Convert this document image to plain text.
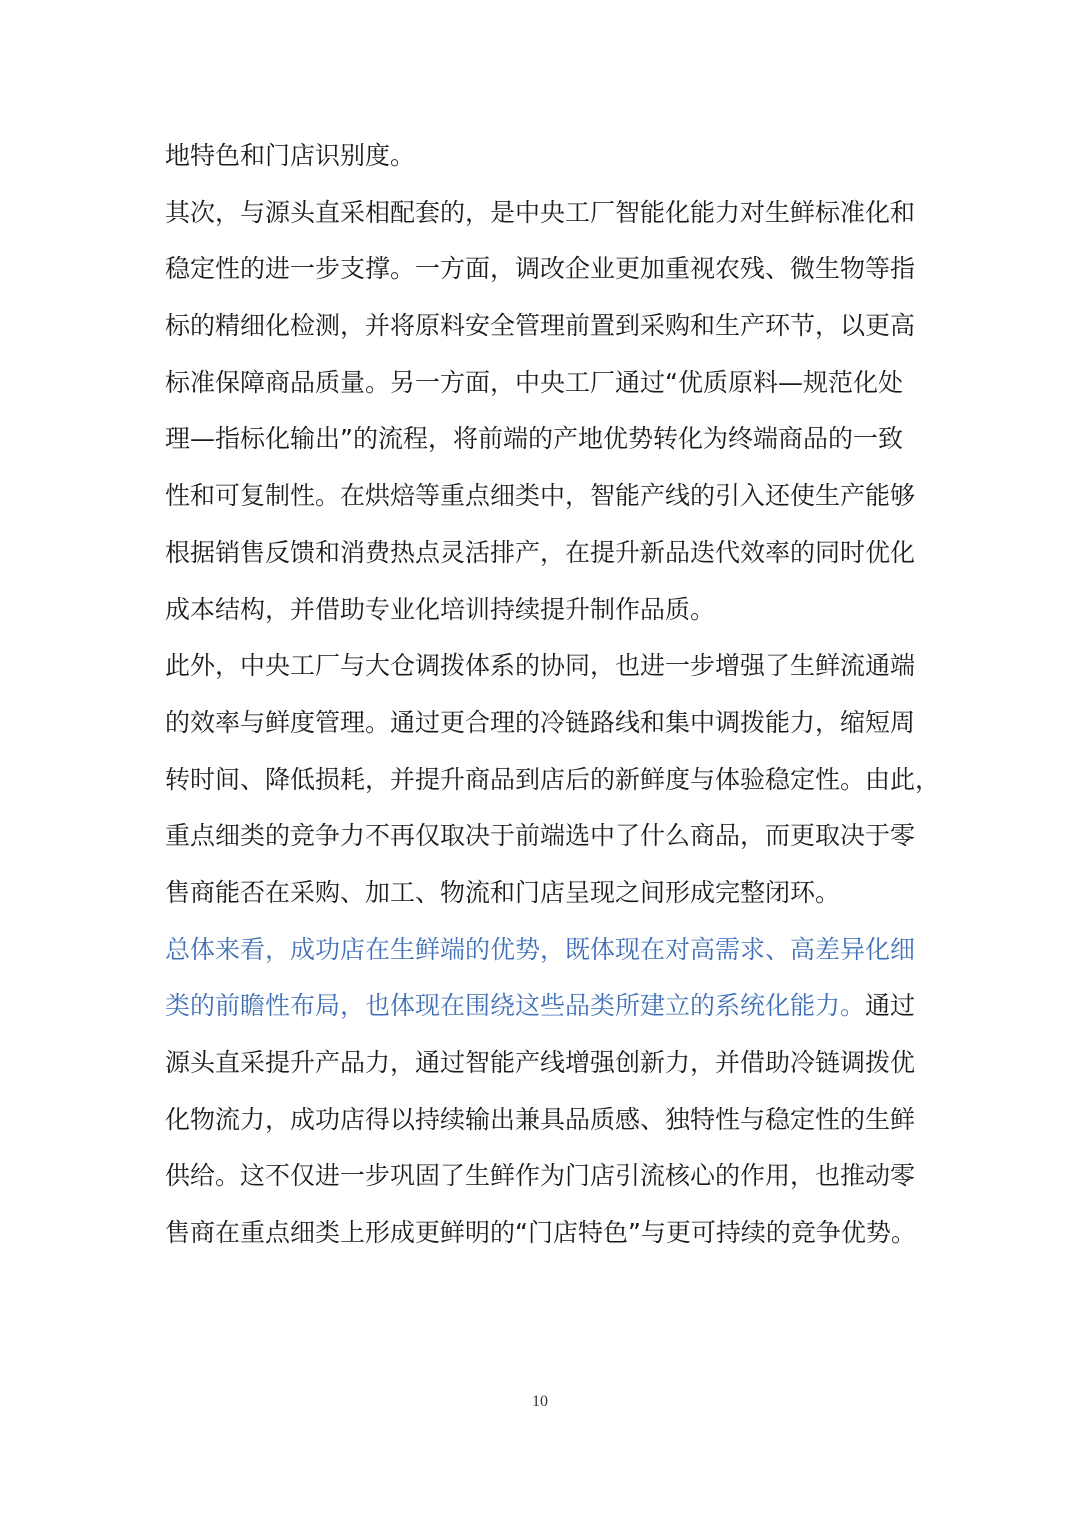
地特色和门店识别度。
其次，与源头直采相配套的，是中央工厂智能化能力对生鲜标准化和
稳定性的进一步支撑。一方面，调改企业更加重视农残、微生物等指
标的精细化检测，并将原料安全管理前置到采购和生产环节，以更高
标准保障商品质量。另一方面，中央工厂通过“优质原料—规范化处
理—指标化输出”的流程，将前端的产地优势转化为终端商品的一致
性和可复制性。在烘焙等重点细类中，智能产线的引入还使生产能够
根据销售反馈和消费热点灵活排产，在提升新品迭代效率的同时优化
成本结构，并借助专业化培训持续提升制作品质。
此外，中央工厂与大仓调拨体系的协同，也进一步增强了生鲜流通端
的效率与鲜度管理。通过更合理的冷链路线和集中调拨能力，缩短周
转时间、降低损耗，并提升商品到店后的新鲜度与体验稳定性。由此，
重点细类的竞争力不再仅取决于前端选中了什么商品，而更取决于零
售商能否在采购、加工、物流和门店呈现之间形成完整闭环。
总体来看，成功店在生鲜端的优势，既体现在对高需求、高差异化细
类的前瞻性布局，也体现在围绕这些品类所建立的系统化能力。通过
源头直采提升产品力，通过智能产线增强创新力，并借助冷链调拨优
化物流力，成功店得以持续输出兼具品质感、独特性与稳定性的生鲜
供给。这不仅进一步巩固了生鲜作为门店引流核心的作用，也推动零
售商在重点细类上形成更鲜明的“门店特色”与更可持续的竞争优势。
10
